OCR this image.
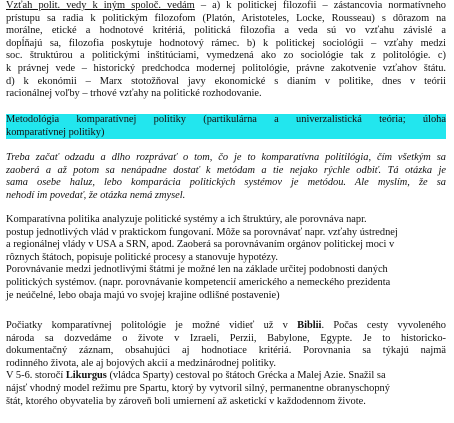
Vzťah polit. vedy k iným spoloč. vedám – a) k politickej filozofii – zástancovia normatívneho
prístupu sa radia k politickým filozofom (Platón, Aristoteles, Locke, Rousseau) s dôrazom na
morálne, etické a hodnotové kritériá, politická filozofia a veda sú vo vzťahu závislé a
dopĺňajú sa, filozofia poskytuje hodnotový rámec. b) k politickej sociológii – vzťahy medzi
soc. štruktúrou a politickými inštitúciami, vymedzená ako zo sociológie tak z politológie. c)
k právnej vede – historický predchodca modernej politológie, právne zakotvenie vzťahov štátu.
d) k ekonómii – Marx stotožňoval javy ekonomické s dianím v politike, dnes v teórii
racionálnej voľby – trhové vzťahy na politické rozhodovanie.
Metodológia komparatívnej politiky (partikulárna a univerzalistická teória; úloha
komparatívnej politiky)
Treba začať odzadu a dlho rozprávať o tom, čo je to komparatívna politilógia, čím všetkým sa
zaoberá a až potom sa nenápadne dostať k metódam a tie nejako rýchle odbiť. Tá otázka je
sama osebe haluz, lebo komparácia politických systémov je metódou. Ale myslím, že sa
nehodí im povedať, že otázka nemá zmysel.
Komparatívna politika analyzuje politické systémy a ich štruktúry, ale porovnáva napr.
postup jednotlivých vlád v praktickom fungovaní. Môže sa porovnávať napr. vzťahy ústrednej
a regionálnej vlády v USA a SRN, apod. Zaoberá sa porovnávaním orgánov politickej moci v
rôznych štátoch, popisuje politické procesy a stanovuje hypotézy.
Porovnávanie medzi jednotlivými štátmi je možné len na základe určitej podobnosti daných
politických systémov. (napr. porovnávanie kompetencií amerického a nemeckého prezidenta
je neúčelné, lebo obaja majú vo svojej krajine odlišné postavenie)
Počiatky komparatívnej politológie je možné vidieť už v Biblii. Počas cesty vyvoleného
národa sa dozvedáme o živote v Izraeli, Perzii, Babylone, Egypte. Je to historicko-
dokumentačný záznam, obsahujúci aj hodnotiace kritériá. Porovnania sa týkajú najmä
rodinného života, ale aj bojových akcií a medzinárodnej politiky.
V 5-6. storočí Likurgus (vládca Sparty) cestoval po štátoch Grécka a Malej Azie. Snažil sa
nájsť vhodný model režimu pre Spartu, ktorý by vytvoril silný, permanentne obranyschopný
štát, ktorého obyvatelia by zároveň boli umiernení až asketickí v každodennom živote.
